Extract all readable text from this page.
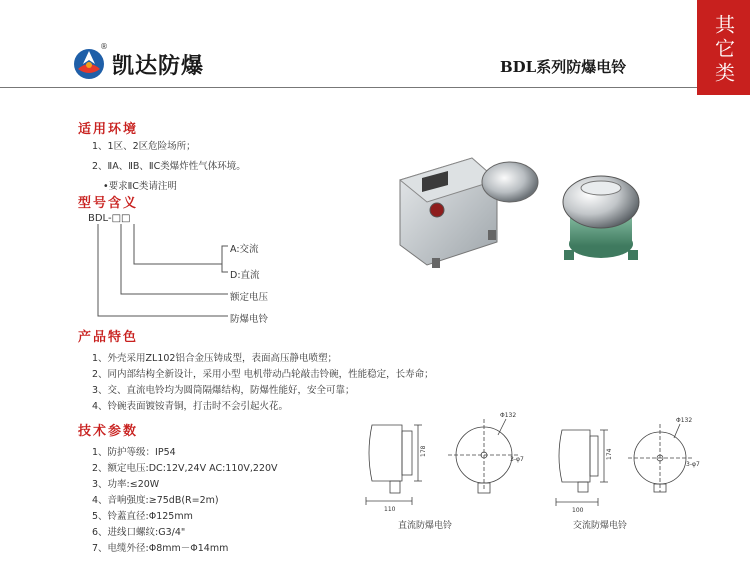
®
凯达防爆	其它类
BDL系列防爆电铃
适用环境
1、1区、2区危险场所；
2、ⅡA、ⅡB、ⅡC类爆炸性气体环境。
•要求ⅡC类请注明
型号含义
BDL-□□
A:交流
D:直流
额定电压
防爆电铃
产品特色
1、外壳采用ZL102铝合金压铸成型，表面高压静电喷塑；
2、同内部结构全新设计，采用小型 电机带动凸轮敲击铃碗，性能稳定，长寿命；
3、交、直流电铃均为圆筒隔爆结构，防爆性能好，安全可靠；
4、铃碗表面镀铵青铜，打击时不会引起火花。
技术参数
1、防护等级：IP54
2、额定电压:DC:12V,24V AC:110V,220V
3、功率:≤20W
4、音响强度:≥75dB(R=2m)
5、铃蓋直径:Φ125mm
6、进线口螺纹:G3/4"
7、电缆外径:Φ8mm－Φ14mm
110
178
Φ132
3-φ7
直流防爆电铃
100
174
Φ132
3-φ7
交流防爆电铃
